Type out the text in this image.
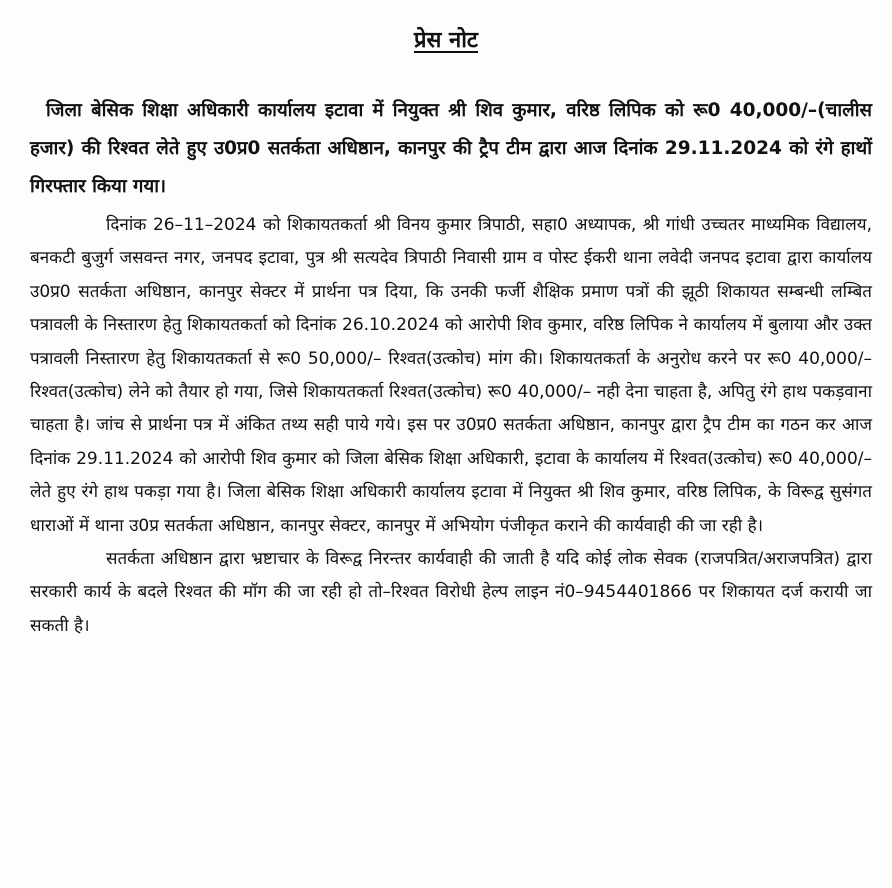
प्रेस नोट

जिला बेसिक शिक्षा अधिकारी कार्यालय इटावा में नियुक्त श्री शिव कुमार, वरिष्ठ लिपिक को रू0 40,000/–(चालीस हजार) की रिश्वत लेते हुए उ0प्र0 सतर्कता अधिष्ठान, कानपुर की ट्रैप टीम द्वारा आज दिनांक 29.11.2024 को रंगे हाथों गिरफ्तार किया गया।

दिनांक 26–11–2024 को शिकायतकर्ता श्री विनय कुमार त्रिपाठी, सहा0 अध्यापक, श्री गांधी उच्चतर माध्यमिक विद्यालय, बनकटी बुजुर्ग जसवन्त नगर, जनपद इटावा, पुत्र श्री सत्यदेव त्रिपाठी निवासी ग्राम व पोस्ट ईकरी थाना लवेदी जनपद इटावा द्वारा कार्यालय उ0प्र0 सतर्कता अधिष्ठान, कानपुर सेक्टर में प्रार्थना पत्र दिया, कि उनकी फर्जी शैक्षिक प्रमाण पत्रों की झूठी शिकायत सम्बन्धी लम्बित पत्रावली के निस्तारण हेतु शिकायतकर्ता को दिनांक 26.10.2024 को आरोपी शिव कुमार, वरिष्ठ लिपिक ने कार्यालय में बुलाया और उक्त पत्रावली निस्तारण हेतु शिकायतकर्ता से रू0 50,000/– रिश्वत(उत्कोच) मांग की। शिकायतकर्ता के अनुरोध करने पर रू0 40,000/– रिश्वत(उत्कोच) लेने को तैयार हो गया, जिसे शिकायतकर्ता रिश्वत(उत्कोच) रू0 40,000/– नही देना चाहता है, अपितु रंगे हाथ पकड़वाना चाहता है। जांच से प्रार्थना पत्र में अंकित तथ्य सही पाये गये। इस पर उ0प्र0 सतर्कता अधिष्ठान, कानपुर द्वारा ट्रैप टीम का गठन कर आज दिनांक 29.11.2024 को आरोपी शिव कुमार को जिला बेसिक शिक्षा अधिकारी, इटावा के कार्यालय में रिश्वत(उत्कोच) रू0 40,000/– लेते हुए रंगे हाथ पकड़ा गया है। जिला बेसिक शिक्षा अधिकारी कार्यालय इटावा में नियुक्त श्री शिव कुमार, वरिष्ठ लिपिक, के विरूद्व सुसंगत धाराओं में थाना उ0प्र सतर्कता अधिष्ठान, कानपुर सेक्टर, कानपुर में अभियोग पंजीकृत कराने की कार्यवाही की जा रही है।

सतर्कता अधिष्ठान द्वारा भ्रष्टाचार के विरूद्व निरन्तर कार्यवाही की जाती है यदि कोई लोक सेवक (राजपत्रित/अराजपत्रित) द्वारा सरकारी कार्य के बदले रिश्वत की मॉग की जा रही हो तो–रिश्वत विरोधी हेल्प लाइन नं0–9454401866 पर शिकायत दर्ज करायी जा सकती है।
